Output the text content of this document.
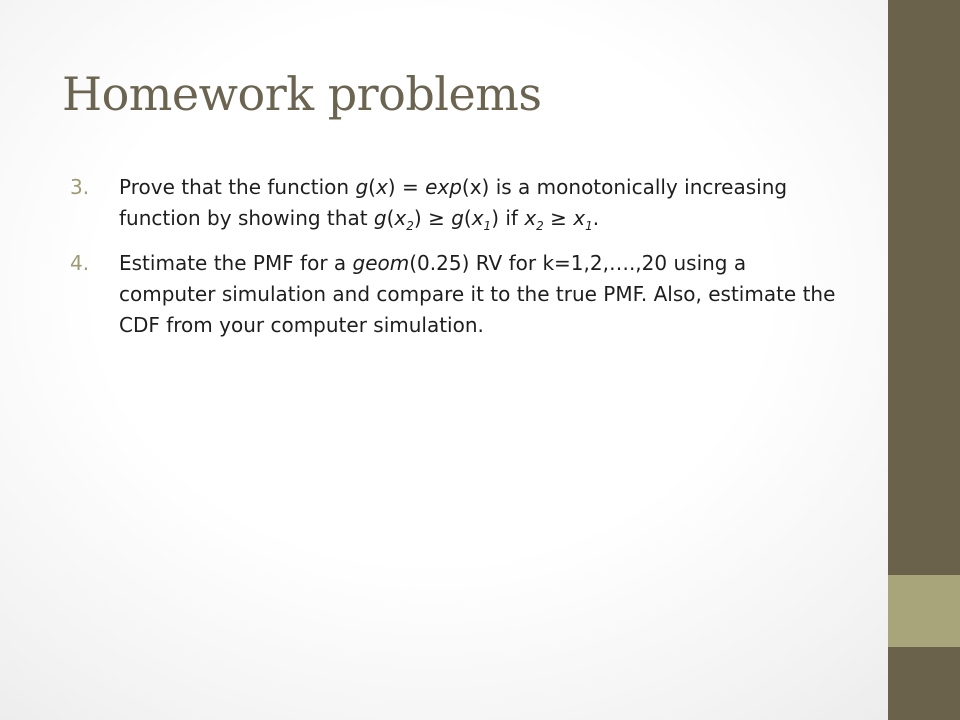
Homework problems
3. Prove that the function g(x) = exp(x) is a monotonically increasing function by showing that $g(x_2) \ge g(x_1)$ if $x_2 \ge x_1$.
4. Estimate the PMF for a geom(0.25) RV for k=1,2,….,20 using a computer simulation and compare it to the true PMF. Also, estimate the CDF from your computer simulation.
